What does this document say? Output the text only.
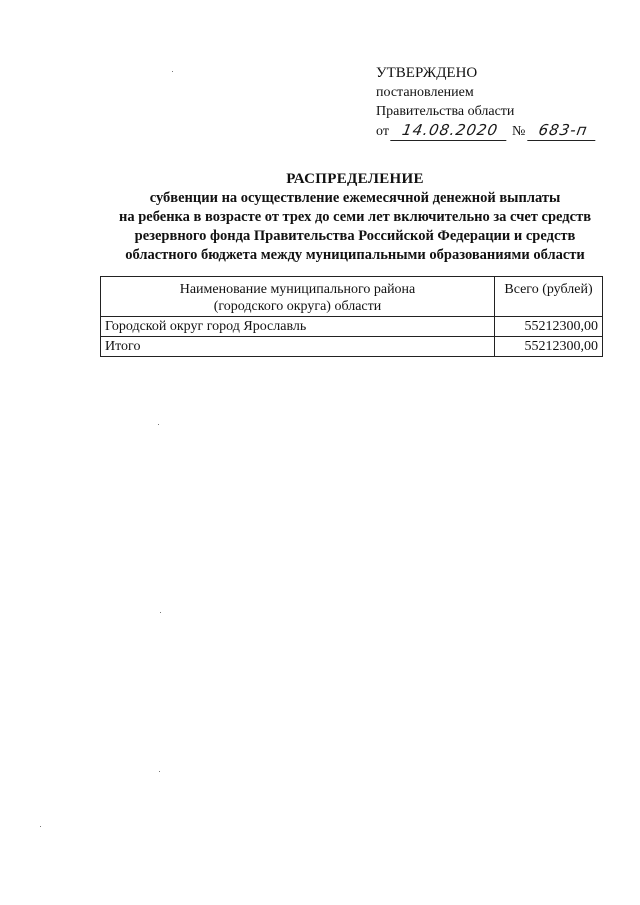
УТВЕРЖДЕНО
постановлением
Правительства области
от 14.08.2020 № 683-п
РАСПРЕДЕЛЕНИЕ
субвенции на осуществление ежемесячной денежной выплаты
на ребенка в возрасте от трех до семи лет включительно за счет средств
резервного фонда Правительства Российской Федерации и средств
областного бюджета между муниципальными образованиями области
Наименование муниципального района
(городского округа) области	Всего (рублей)
Городской округ город Ярославль	55212300,00
Итого	55212300,00
